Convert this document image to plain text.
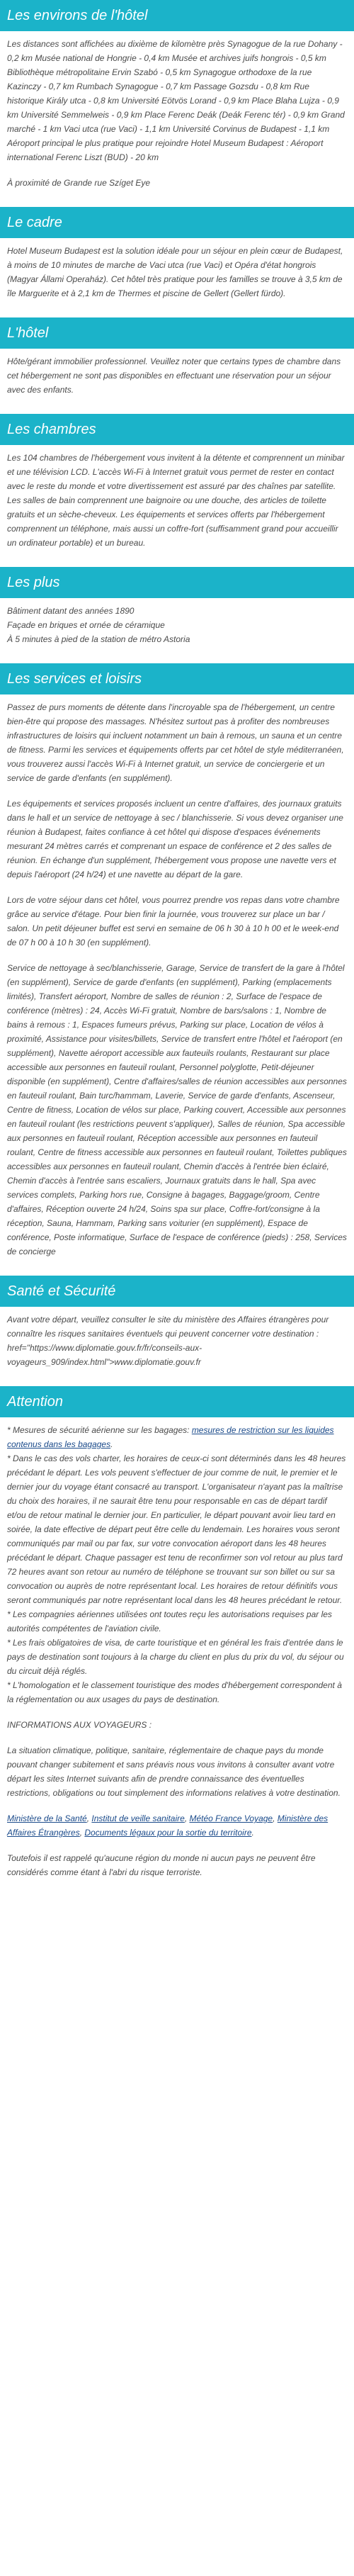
Les environs de l'hôtel

Les distances sont affichées au dixième de kilomètre près Synagogue de la rue Dohany - 0,2 km Musée national de Hongrie - 0,4 km Musée et archives juifs hongrois - 0,5 km Bibliothèque métropolitaine Ervin Szabó - 0,5 km Synagogue orthodoxe de la rue Kazinczy - 0,7 km Rumbach Synagogue - 0,7 km Passage Gozsdu - 0,8 km Rue historique Király utca - 0,8 km Université Eötvös Lorand - 0,9 km Place Blaha Lujza - 0,9 km Université Semmelweis - 0,9 km Place Ferenc Deák (Deák Ferenc tér) - 0,9 km Grand marché - 1 km Vaci utca (rue Vaci) - 1,1 km Université Corvinus de Budapest - 1,1 km Aéroport principal le plus pratique pour rejoindre Hotel Museum Budapest : Aéroport international Ferenc Liszt (BUD) - 20 km

À proximité de Grande rue Szíget Eye

Le cadre

Hotel Museum Budapest est la solution idéale pour un séjour en plein cœur de Budapest, à moins de 10 minutes de marche de Vaci utca (rue Vaci) et Opéra d'état hongrois (Magyar Állami Operaház). Cet hôtel très pratique pour les familles se trouve à 3,5 km de île Marguerite et à 2,1 km de Thermes et piscine de Gellert (Gellert fürdo).

L'hôtel

Hôte/gérant immobilier professionnel. Veuillez noter que certains types de chambre dans cet hébergement ne sont pas disponibles en effectuant une réservation pour un séjour avec des enfants.

Les chambres

Les 104 chambres de l'hébergement vous invitent à la détente et comprennent un minibar et une télévision LCD. L'accès Wi-Fi à Internet gratuit vous permet de rester en contact avec le reste du monde et votre divertissement est assuré par des chaînes par satellite. Les salles de bain comprennent une baignoire ou une douche, des articles de toilette gratuits et un sèche-cheveux. Les équipements et services offerts par l'hébergement comprennent un téléphone, mais aussi un coffre-fort (suffisamment grand pour accueillir un ordinateur portable) et un bureau.

Les plus
Bâtiment datant des années 1890
Façade en briques et ornée de céramique
À 5 minutes à pied de la station de métro Astoria
Les services et loisirs

Passez de purs moments de détente dans l'incroyable spa de l'hébergement, un centre bien-être qui propose des massages. N'hésitez surtout pas à profiter des nombreuses infrastructures de loisirs qui incluent notamment un bain à remous, un sauna et un centre de fitness. Parmi les services et équipements offerts par cet hôtel de style méditerranéen, vous trouverez aussi l'accès Wi-Fi à Internet gratuit, un service de conciergerie et un service de garde d'enfants (en supplément).

Les équipements et services proposés incluent un centre d'affaires, des journaux gratuits dans le hall et un service de nettoyage à sec / blanchisserie. Si vous devez organiser une réunion à Budapest, faites confiance à cet hôtel qui dispose d'espaces événements mesurant 24 mètres carrés et comprenant un espace de conférence et 2 des salles de réunion. En échange d'un supplément, l'hébergement vous propose une navette vers et depuis l'aéroport (24 h/24) et une navette au départ de la gare.

Lors de votre séjour dans cet hôtel, vous pourrez prendre vos repas dans votre chambre grâce au service d'étage. Pour bien finir la journée, vous trouverez sur place un bar / salon. Un petit déjeuner buffet est servi en semaine de 06 h 30 à 10 h 00 et le week-end de 07 h 00 à 10 h 30 (en supplément).

Service de nettoyage à sec/blanchisserie, Garage, Service de transfert de la gare à l'hôtel (en supplément), Service de garde d'enfants (en supplément), Parking (emplacements limités), Transfert aéroport, Nombre de salles de réunion : 2, Surface de l'espace de conférence (mètres) : 24, Accès Wi-Fi gratuit, Nombre de bars/salons : 1, Nombre de bains à remous : 1, Espaces fumeurs prévus, Parking sur place, Location de vélos à proximité, Assistance pour visites/billets, Service de transfert entre l'hôtel et l'aéroport (en supplément), Navette aéroport accessible aux fauteuils roulants, Restaurant sur place accessible aux personnes en fauteuil roulant, Personnel polyglotte, Petit-déjeuner disponible (en supplément), Centre d'affaires/salles de réunion accessibles aux personnes en fauteuil roulant, Bain turc/hammam, Laverie, Service de garde d'enfants, Ascenseur, Centre de fitness, Location de vélos sur place, Parking couvert, Accessible aux personnes en fauteuil roulant (les restrictions peuvent s'appliquer), Salles de réunion, Spa accessible aux personnes en fauteuil roulant, Réception accessible aux personnes en fauteuil roulant, Centre de fitness accessible aux personnes en fauteuil roulant, Toilettes publiques accessibles aux personnes en fauteuil roulant, Chemin d'accès à l'entrée bien éclairé, Chemin d'accès à l'entrée sans escaliers, Journaux gratuits dans le hall, Spa avec services complets, Parking hors rue, Consigne à bagages, Baggage/groom, Centre d'affaires, Réception ouverte 24 h/24, Soins spa sur place, Coffre-fort/consigne à la réception, Sauna, Hammam, Parking sans voiturier (en supplément), Espace de conférence, Poste informatique, Surface de l'espace de conférence (pieds) : 258, Services de concierge

Santé et Sécurité

Avant votre départ, veuillez consulter le site du ministère des Affaires étrangères pour connaître les risques sanitaires éventuels qui peuvent concerner votre destination : href="https://www.diplomatie.gouv.fr/fr/conseils-aux-voyageurs_909/index.html">www.diplomatie.gouv.fr

Attention

* Mesures de sécurité aérienne sur les bagages: mesures de restriction sur les liquides contenus dans les bagages.
* Dans le cas des vols charter, les horaires de ceux-ci sont déterminés dans les 48 heures précédant le départ. Les vols peuvent s'effectuer de jour comme de nuit, le premier et le dernier jour du voyage étant consacré au transport. L'organisateur n'ayant pas la maîtrise du choix des horaires, il ne saurait être tenu pour responsable en cas de départ tardif et/ou de retour matinal le dernier jour. En particulier, le départ pouvant avoir lieu tard en soirée, la date effective de départ peut être celle du lendemain. Les horaires vous seront communiqués par mail ou par fax, sur votre convocation aéroport dans les 48 heures précédant le départ. Chaque passager est tenu de reconfirmer son vol retour au plus tard 72 heures avant son retour au numéro de téléphone se trouvant sur son billet ou sur sa convocation ou auprès de notre représentant local. Les horaires de retour définitifs vous seront communiqués par notre représentant local dans les 48 heures précédant le retour.
* Les compagnies aériennes utilisées ont toutes reçu les autorisations requises par les autorités compétentes de l'aviation civile.
* Les frais obligatoires de visa, de carte touristique et en général les frais d'entrée dans le pays de destination sont toujours à la charge du client en plus du prix du vol, du séjour ou du circuit déjà réglés.
* L'homologation et le classement touristique des modes d'hébergement correspondent à la réglementation ou aux usages du pays de destination.

INFORMATIONS AUX VOYAGEURS :

La situation climatique, politique, sanitaire, réglementaire de chaque pays du monde pouvant changer subitement et sans préavis nous vous invitons à consulter avant votre départ les sites Internet suivants afin de prendre connaissance des éventuelles restrictions, obligations ou tout simplement des informations relatives à votre destination.

Ministère de la Santé, Institut de veille sanitaire, Météo France Voyage, Ministère des Affaires Étrangères, Documents légaux pour la sortie du territoire.

Toutefois il est rappelé qu'aucune région du monde ni aucun pays ne peuvent être considérés comme étant à l'abri du risque terroriste.
